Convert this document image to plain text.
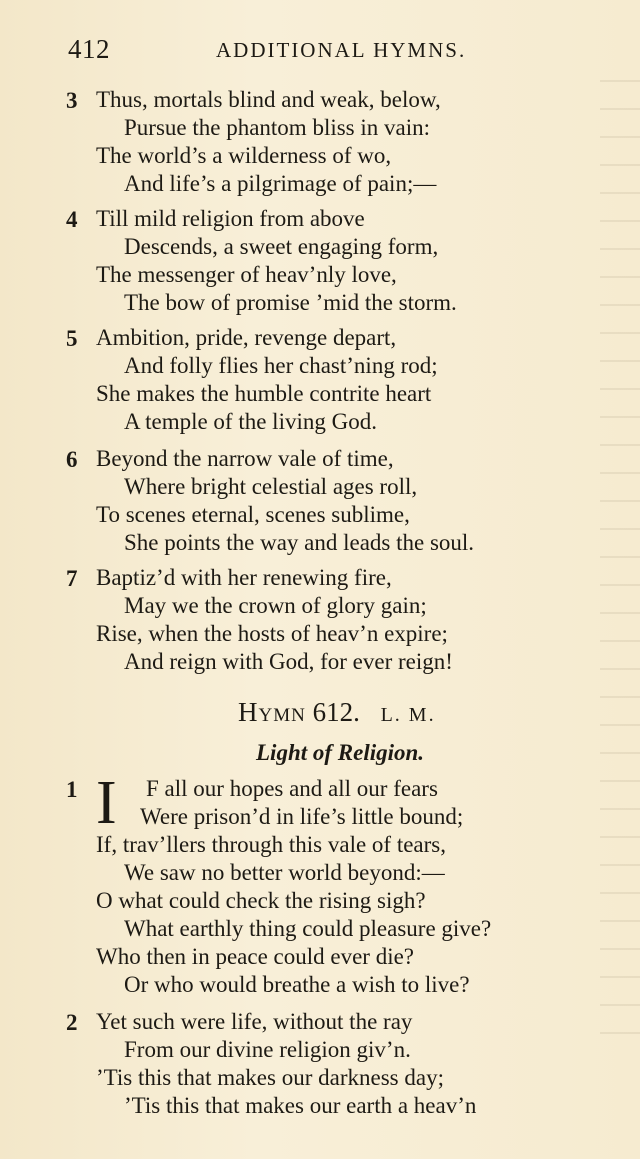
412	ADDITIONAL HYMNS.
3 Thus, mortals blind and weak, below,
Pursue the phantom bliss in vain:
The world’s a wilderness of wo,
And life’s a pilgrimage of pain;—
4 Till mild religion from above
Descends, a sweet engaging form,
The messenger of heav’nly love,
The bow of promise ’mid the storm.
5 Ambition, pride, revenge depart,
And folly flies her chast’ning rod;
She makes the humble contrite heart
A temple of the living God.
6 Beyond the narrow vale of time,
Where bright celestial ages roll,
To scenes eternal, scenes sublime,
She points the way and leads the soul.
7 Baptiz’d with her renewing fire,
May we the crown of glory gain;
Rise, when the hosts of heav’n expire;
And reign with God, for ever reign!
Hymn 612. L. M.
Light of Religion.
1 I F all our hopes and all our fears
Were prison’d in life’s little bound;
If, trav’llers through this vale of tears,
We saw no better world beyond:—
O what could check the rising sigh?
What earthly thing could pleasure give?
Who then in peace could ever die?
Or who would breathe a wish to live?
2 Yet such were life, without the ray
From our divine religion giv’n.
’Tis this that makes our darkness day;
’Tis this that makes our earth a heav’n
